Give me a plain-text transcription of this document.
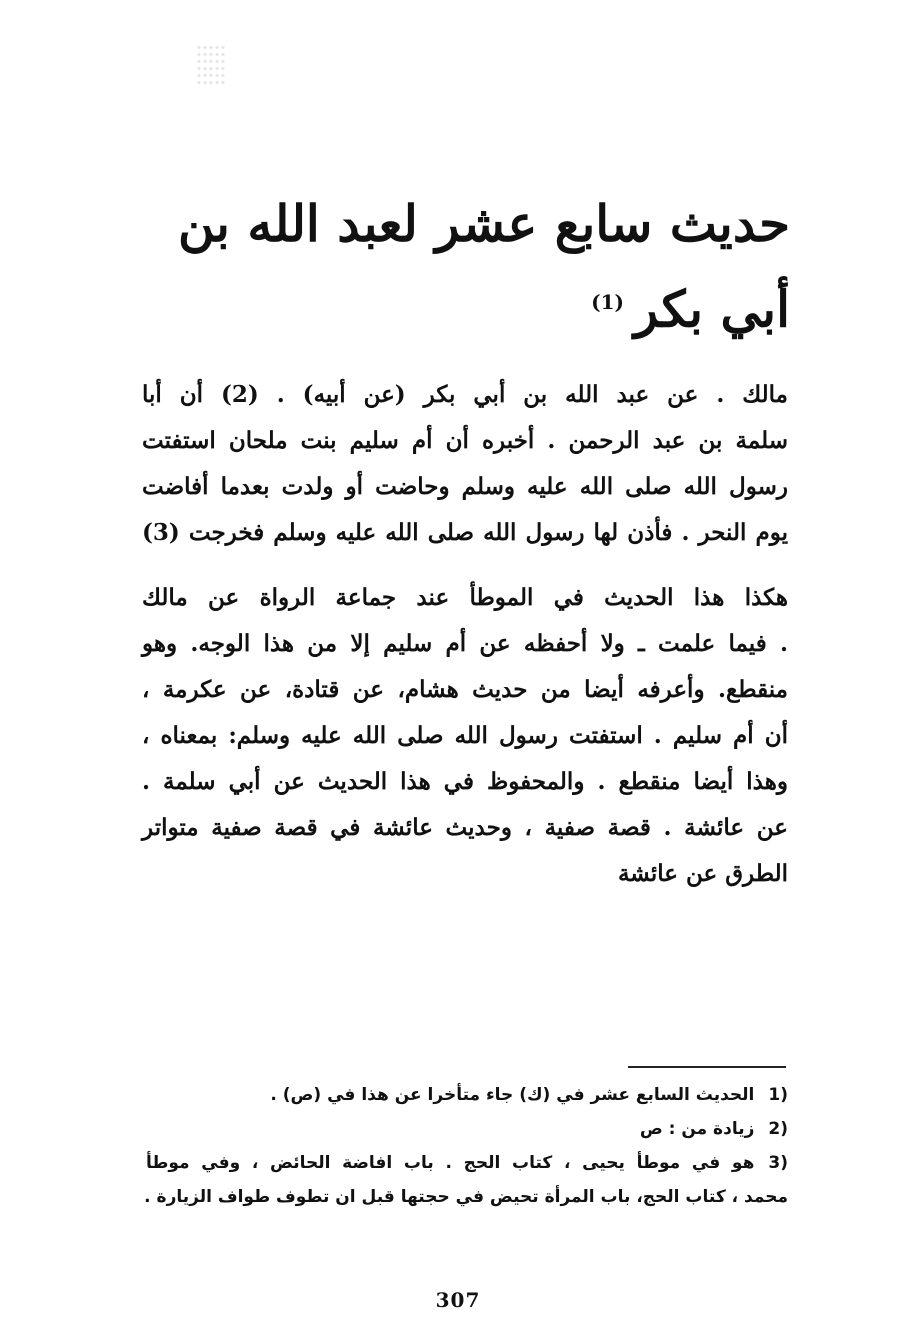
حديث سابع عشر لعبد الله بن
أبي بكر$^{(1)}$
مالك . عن عبد الله بن أبي بكر (عن أبيه) . (2) أن أبا
سلمة بن عبد الرحمن . أخبره أن أم سليم بنت ملحان استفتت
رسول الله صلى الله عليه وسلم وحاضت أو ولدت بعدما أفاضت
يوم النحر . فأذن لها رسول الله صلى الله عليه وسلم فخرجت (3)
هكذا هذا الحديث في الموطأ عند جماعة الرواة عن مالك
. فيما علمت ـ ولا أحفظه عن أم سليم إلا من هذا الوجه. وهو
منقطع. وأعرفه أيضا من حديث هشام، عن قتادة، عن عكرمة ،
أن أم سليم . استفتت رسول الله صلى الله عليه وسلم: بمعناه ،
وهذا أيضا منقطع . والمحفوظ في هذا الحديث عن أبي سلمة .
عن عائشة . قصة صفية ، وحديث عائشة في قصة صفية متواتر
الطرق عن عائشة
(1الحديث السابع عشر في (ك) جاء متأخرا عن هذا في (ص) .
(2زيادة من : ص
(3هو في موطأ يحيى ، كتاب الحج . باب افاضة الحائض ، وفي موطأ
محمد ، كتاب الحج، باب المرأة تحيض في حجتها قبل ان تطوف طواف الزيارة .
307
